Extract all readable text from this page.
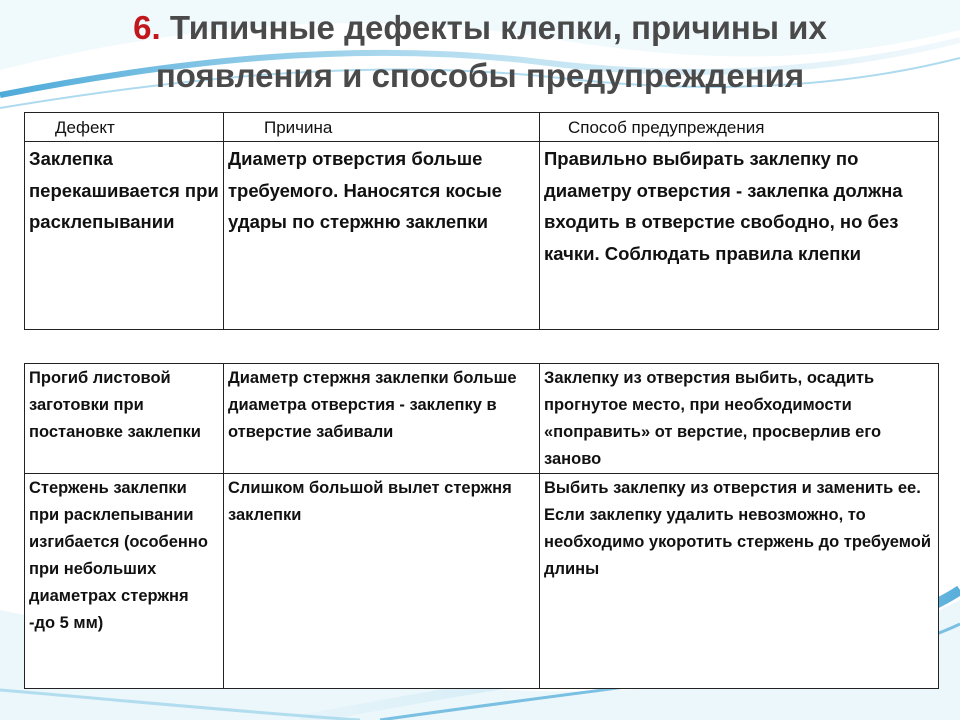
6. Типичные дефекты клепки, причины их
появления и способы предупреждения
Дефект	Причина	Способ предупреждения
Заклепка перекашивается при расклепывании	Диаметр отверстия больше требуемого. Наносятся косые удары по стержню заклепки	Правильно выбирать заклепку по диаметру отверстия - заклепка должна входить в отверстие свободно, но без качки. Соблюдать правила клепки
Прогиб листовой заготовки при постановке заклепки	Диаметр стержня заклепки больше диаметра отверстия - заклепку в отверстие забивали	Заклепку из отверстия выбить, осадить прогнутое место, при необходимости «поправить» от верстие, просверлив его заново
Стержень заклепки при расклепывании изгибается (особенно при небольших диаметрах стержня -до 5 мм)	Слишком большой вылет стержня заклепки	Выбить заклепку из отверстия и заменить ее. Если заклепку удалить невозможно, то необходимо укоротить стержень до требуемой длины
